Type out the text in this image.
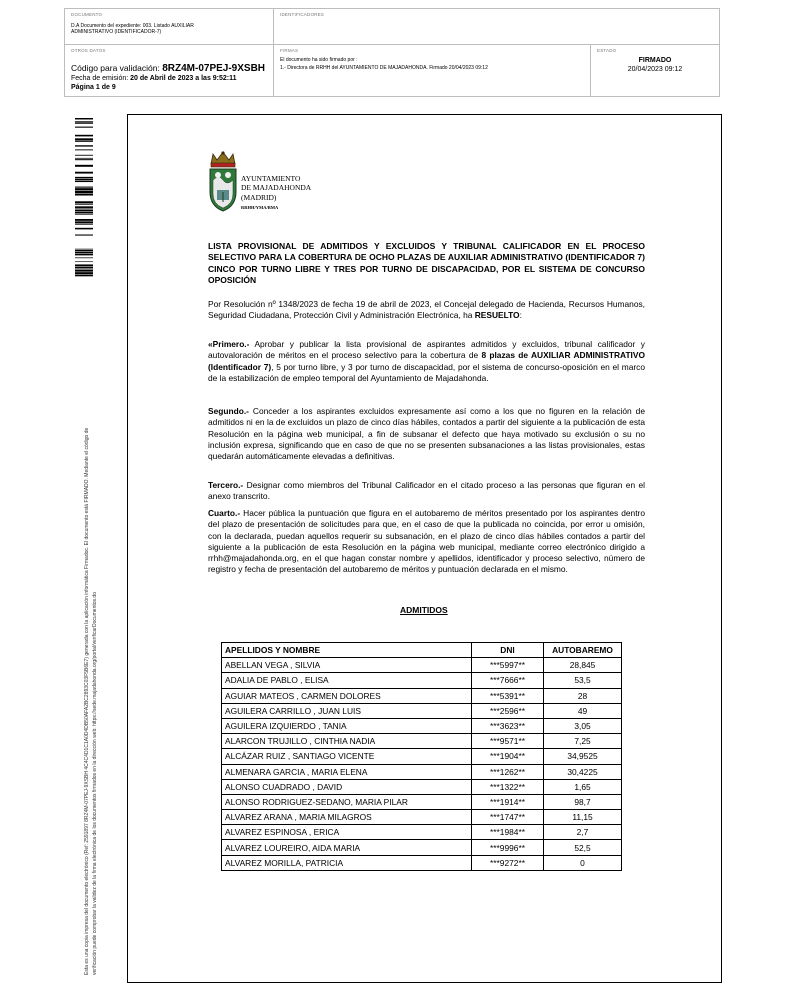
DOCUMENTO
D.A Documento del expediente: 003. Listado AUXILIAR ADMINISTRATIVO (IDENTIFICADOR-7)
IDENTIFICADORES
OTROS DATOS
Código para validación: 8RZ4M-07PEJ-9XSBH
Fecha de emisión: 20 de Abril de 2023 a las 9:52:11
Página 1 de 9
FIRMAS
El documento ha sido firmado por :
1.- Directora de RRHH del AYUNTAMIENTO DE MAJADAHONDA. Firmado 20/04/2023 09:12
ESTADO
FIRMADO
20/04/2023 09:12
Esta es una copia impresa del documento electrónico (Ref: 2591897 8RZ4M-07PEJ-9XSBH 4C4C4D1C1A0D4DB50AFA2BC2893C03F5B6E7) generada con la aplicación informática Firmadoc. El documento está FIRMADO. Mediante el código de verificación puede comprobar la validez de la firma electrónica de los documentos firmados en la dirección web: https://sede.majadahonda.org/portal/verificarDocumentos.do
AYUNTAMIENTO
DE MAJADAHONDA
(MADRID)
RRHH/YMA/BMA
LISTA PROVISIONAL DE ADMITIDOS Y EXCLUIDOS Y TRIBUNAL CALIFICADOR EN EL PROCESO SELECTIVO PARA LA COBERTURA DE OCHO PLAZAS DE AUXILIAR ADMINISTRATIVO (IDENTIFICADOR 7) CINCO POR TURNO LIBRE Y TRES POR TURNO DE DISCAPACIDAD, POR EL SISTEMA DE CONCURSO OPOSICIÓN
Por Resolución nº 1348/2023 de fecha 19 de abril de 2023, el Concejal delegado de Hacienda, Recursos Humanos, Seguridad Ciudadana, Protección Civil y Administración Electrónica, ha RESUELTO:
«Primero.- Aprobar y publicar la lista provisional de aspirantes admitidos y excluidos, tribunal calificador y autovaloración de méritos en el proceso selectivo para la cobertura de 8 plazas de AUXILIAR ADMINISTRATIVO (Identificador 7), 5 por turno libre, y 3 por turno de discapacidad, por el sistema de concurso-oposición en el marco de la estabilización de empleo temporal del Ayuntamiento de Majadahonda.
Segundo.- Conceder a los aspirantes excluidos expresamente así como a los que no figuren en la relación de admitidos ni en la de excluidos un plazo de cinco días hábiles, contados a partir del siguiente a la publicación de esta Resolución en la página web municipal, a fin de subsanar el defecto que haya motivado su exclusión o su no inclusión expresa, significando que en caso de que no se presenten subsanaciones a las listas provisionales, estas quedarán automáticamente elevadas a definitivas.
Tercero.- Designar como miembros del Tribunal Calificador en el citado proceso a las personas que figuran en el anexo transcrito.
Cuarto.- Hacer pública la puntuación que figura en el autobaremo de méritos presentado por los aspirantes dentro del plazo de presentación de solicitudes para que, en el caso de que la publicada no coincida, por error u omisión, con la declarada, puedan aquellos requerir su subsanación, en el plazo de cinco días hábiles contados a partir del siguiente a la publicación de esta Resolución en la página web municipal, mediante correo electrónico dirigido a rrhh@majadahonda.org, en el que hagan constar nombre y apellidos, identificador y proceso selectivo, número de registro y fecha de presentación del autobaremo de méritos y puntuación declarada en el mismo.
ADMITIDOS
APELLIDOS Y NOMBRE	DNI	AUTOBAREMO
ABELLAN VEGA , SILVIA	***5997**	28,845
ADALIA DE PABLO , ELISA	***7666**	53,5
AGUIAR MATEOS , CARMEN DOLORES	***5391**	28
AGUILERA CARRILLO , JUAN LUIS	***2596**	49
AGUILERA IZQUIERDO , TANIA	***3623**	3,05
ALARCON TRUJILLO , CINTHIA NADIA	***9571**	7,25
ALCÁZAR RUIZ , SANTIAGO VICENTE	***1904**	34,9525
ALMENARA GARCIA , MARIA ELENA	***1262**	30,4225
ALONSO CUADRADO , DAVID	***1322**	1,65
ALONSO RODRIGUEZ-SEDANO, MARIA PILAR	***1914**	98,7
ALVAREZ ARANA , MARIA MILAGROS	***1747**	11,15
ALVAREZ ESPINOSA , ERICA	***1984**	2,7
ALVAREZ LOUREIRO, AIDA MARIA	***9996**	52,5
ALVAREZ MORILLA, PATRICIA	***9272**	0
